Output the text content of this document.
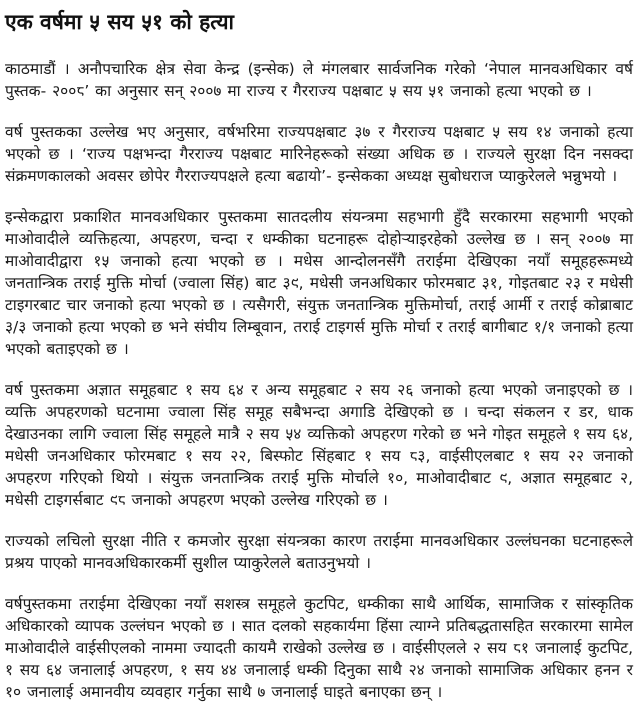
एक वर्षमा ५ सय ५१ को हत्या

काठमाडौं । अनौपचारिक क्षेत्र सेवा केन्द्र (इन्सेक) ले मंगलबार सार्वजनिक गरेको ‘नेपाल मानवअधिकार वर्ष पुस्तक- २००८’ का अनुसार सन् २००७ मा राज्य र गैरराज्य पक्षबाट ५ सय ५१ जनाको हत्या भएको छ ।

वर्ष पुस्तकका उल्लेख भए अनुसार, वर्षभरिमा राज्यपक्षबाट ३७ र गैरराज्य पक्षबाट ५ सय १४ जनाको हत्या भएको छ । ‘राज्य पक्षभन्दा गैरराज्य पक्षबाट मारिनेहरूको संख्या अधिक छ । राज्यले सुरक्षा दिन नसक्दा संक्रमणकालको अवसर छोपेर गैरराज्यपक्षले हत्या बढायो’- इन्सेकका अध्यक्ष सुबोधराज प्याकुरेलले भन्नुभयो ।

इन्सेकद्वारा प्रकाशित मानवअधिकार पुस्तकमा सातदलीय संयन्त्रमा सहभागी हुँदै सरकारमा सहभागी भएको माओवादीले व्यक्तिहत्या, अपहरण, चन्दा र धम्कीका घटनाहरू दोहोऱ्याइरहेको उल्लेख छ । सन् २००७ मा माओवादीद्वारा १५ जनाको हत्या भएको छ । मधेस आन्दोलनसँगै तराईमा देखिएका नयाँ समूहहरूमध्ये जनतान्त्रिक तराई मुक्ति मोर्चा (ज्वाला सिंह) बाट ३९, मधेसी जनअधिकार फोरमबाट ३१, गोइतबाट २३ र मधेसी टाइगरबाट चार जनाको हत्या भएको छ । त्यसैगरी, संयुक्त जनतान्त्रिक मुक्तिमोर्चा, तराई आर्मी र तराई कोब्राबाट ३/३ जनाको हत्या भएको छ भने संघीय लिम्बूवान, तराई टाइगर्स मुक्ति मोर्चा र तराई बागीबाट १/१ जनाको हत्या भएको बताइएको छ ।

वर्ष पुस्तकमा अज्ञात समूहबाट १ सय ६४ र अन्य समूहबाट २ सय २६ जनाको हत्या भएको जनाइएको छ । व्यक्ति अपहरणको घटनामा ज्वाला सिंह समूह सबैभन्दा अगाडि देखिएको छ । चन्दा संकलन र डर, धाक देखाउनका लागि ज्वाला सिंह समूहले मात्रै २ सय ५४ व्यक्तिको अपहरण गरेको छ भने गोइत समूहले १ सय ६४, मधेसी जनअधिकार फोरमबाट १ सय २२, बिस्फोट सिंहबाट १ सय ८३, वाईसीएलबाट १ सय २२ जनाको अपहरण गरिएको थियो । संयुक्त जनतान्त्रिक तराई मुक्ति मोर्चाले १०, माओवादीबाट ९, अज्ञात समूहबाट २, मधेसी टाइगर्सबाट ९८ जनाको अपहरण भएको उल्लेख गरिएको छ ।

राज्यको लचिलो सुरक्षा नीति र कमजोर सुरक्षा संयन्त्रका कारण तराईमा मानवअधिकार उल्लंघनका घटनाहरूले प्रश्रय पाएको मानवअधिकारकर्मी सुशील प्याकुरेलले बताउनुभयो ।

वर्षपुस्तकमा तराईमा देखिएका नयाँ सशस्त्र समूहले कुटपिट, धम्कीका साथै आर्थिक, सामाजिक र सांस्कृतिक अधिकारको व्यापक उल्लंघन भएको छ । सात दलको सहकार्यमा हिंसा त्याग्ने प्रतिबद्धतासहित सरकारमा सामेल माओवादीले वाईसीएलको नाममा ज्यादती कायमै राखेको उल्लेख छ । वाईसीएलले २ सय ८१ जनालाई कुटपिट, १ सय ६४ जनालाई अपहरण, १ सय ४४ जनालाई धम्की दिनुका साथै २४ जनाको सामाजिक अधिकार हनन र १० जनालाई अमानवीय व्यवहार गर्नुका साथै ७ जनालाई घाइते बनाएका छन् ।
